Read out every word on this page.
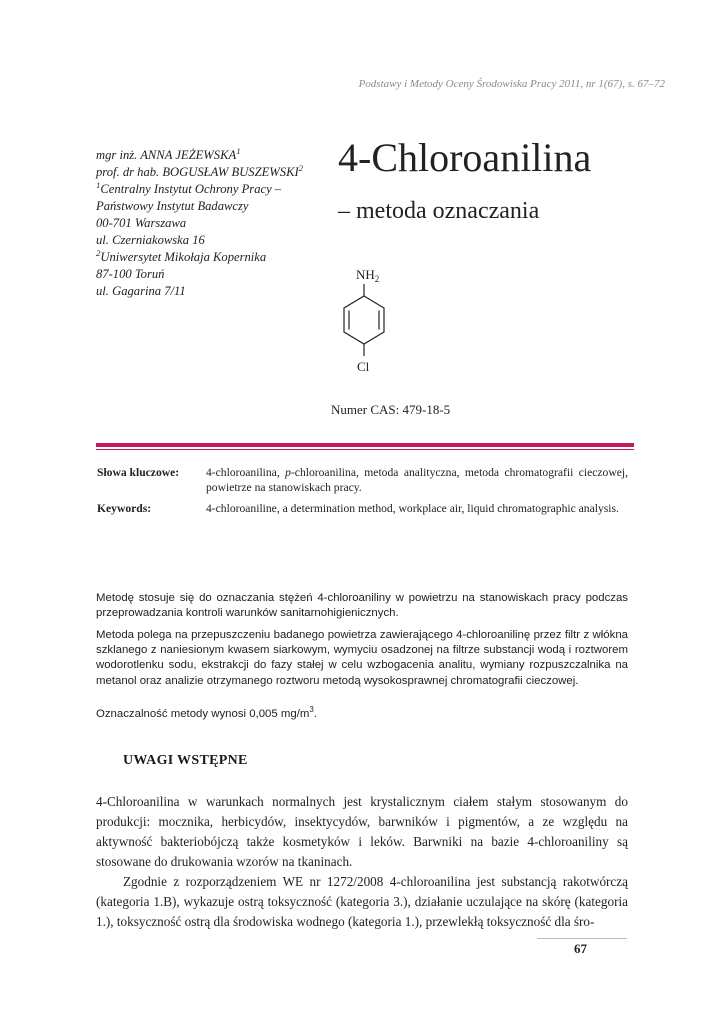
Podstawy i Metody Oceny Środowiska Pracy 2011, nr 1(67), s. 67–72
mgr inż. ANNA JEŻEWSKA$^1$
prof. dr hab. BOGUSŁAW BUSZEWSKI$^2$
$^1$Centralny Instytut Ochrony Pracy –
Państwowy Instytut Badawczy
00-701 Warszawa
ul. Czerniakowska 16
$^2$Uniwersytet Mikołaja Kopernika
87-100 Toruń
ul. Gagarina 7/11
4-Chloroanilina
– metoda oznaczania
$NH_2$
Cl
Numer CAS: 479-18-5
Słowa kluczowe: 4-chloroanilina, p-chloroanilina, metoda analityczna, metoda chromatografii cieczowej, powietrze na stanowiskach pracy.
Keywords:	4-chloroaniline, a determination method, workplace air, liquid chromatographic analysis.
Metodę stosuje się do oznaczania stężeń 4-chloroaniliny w powietrzu na stanowiskach pracy podczas przeprowadzania kontroli warunków sanitarnohigienicznych.
Metoda polega na przepuszczeniu badanego powietrza zawierającego 4-chloroanilinę przez filtr z włókna szklanego z naniesionym kwasem siarkowym, wymyciu osadzonej na filtrze substancji wodą i roztworem wodorotlenku sodu, ekstrakcji do fazy stałej w celu wzbogacenia analitu, wymiany rozpuszczalnika na metanol oraz analizie otrzymanego roztworu metodą wysokosprawnej chromatografii cieczowej.
Oznaczalność metody wynosi 0,005 $mg/m^3$.
UWAGI WSTĘPNE
4-Chloroanilina w warunkach normalnych jest krystalicznym ciałem stałym stosowanym do produkcji: mocznika, herbicydów, insektycydów, barwników i pigmentów, a ze względu na aktywność bakteriobójczą także kosmetyków i leków. Barwniki na bazie 4-chloroaniliny są stosowane do drukowania wzorów na tkaninach.
Zgodnie z rozporządzeniem WE nr 1272/2008 4-chloroanilina jest substancją rakotwórczą (kategoria 1.B), wykazuje ostrą toksyczność (kategoria 3.), działanie uczulające na skórę (kategoria 1.), toksyczność ostrą dla środowiska wodnego (kategoria 1.), przewlekłą toksyczność dla śro-
67
